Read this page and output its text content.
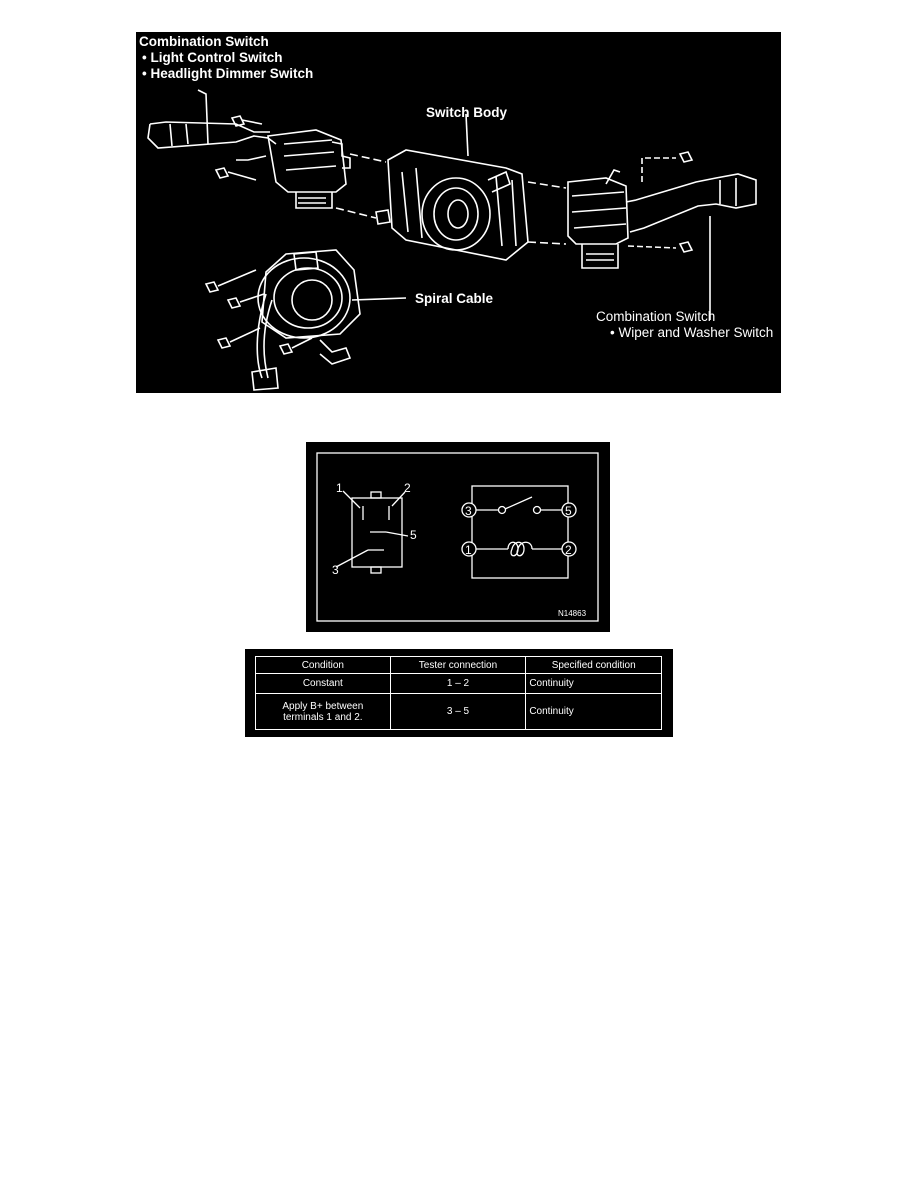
Combination Switch
• Light Control Switch
• Headlight Dimmer Switch
Switch Body
Spiral Cable
Combination Switch
• Wiper and Washer Switch
1	2
5
3
3	5
1	2
N14863
Condition	Tester connection	Specified condition
Constant	1 – 2	Continuity

Apply B+ between
terminals 1 and 2.	3 – 5	Continuity
